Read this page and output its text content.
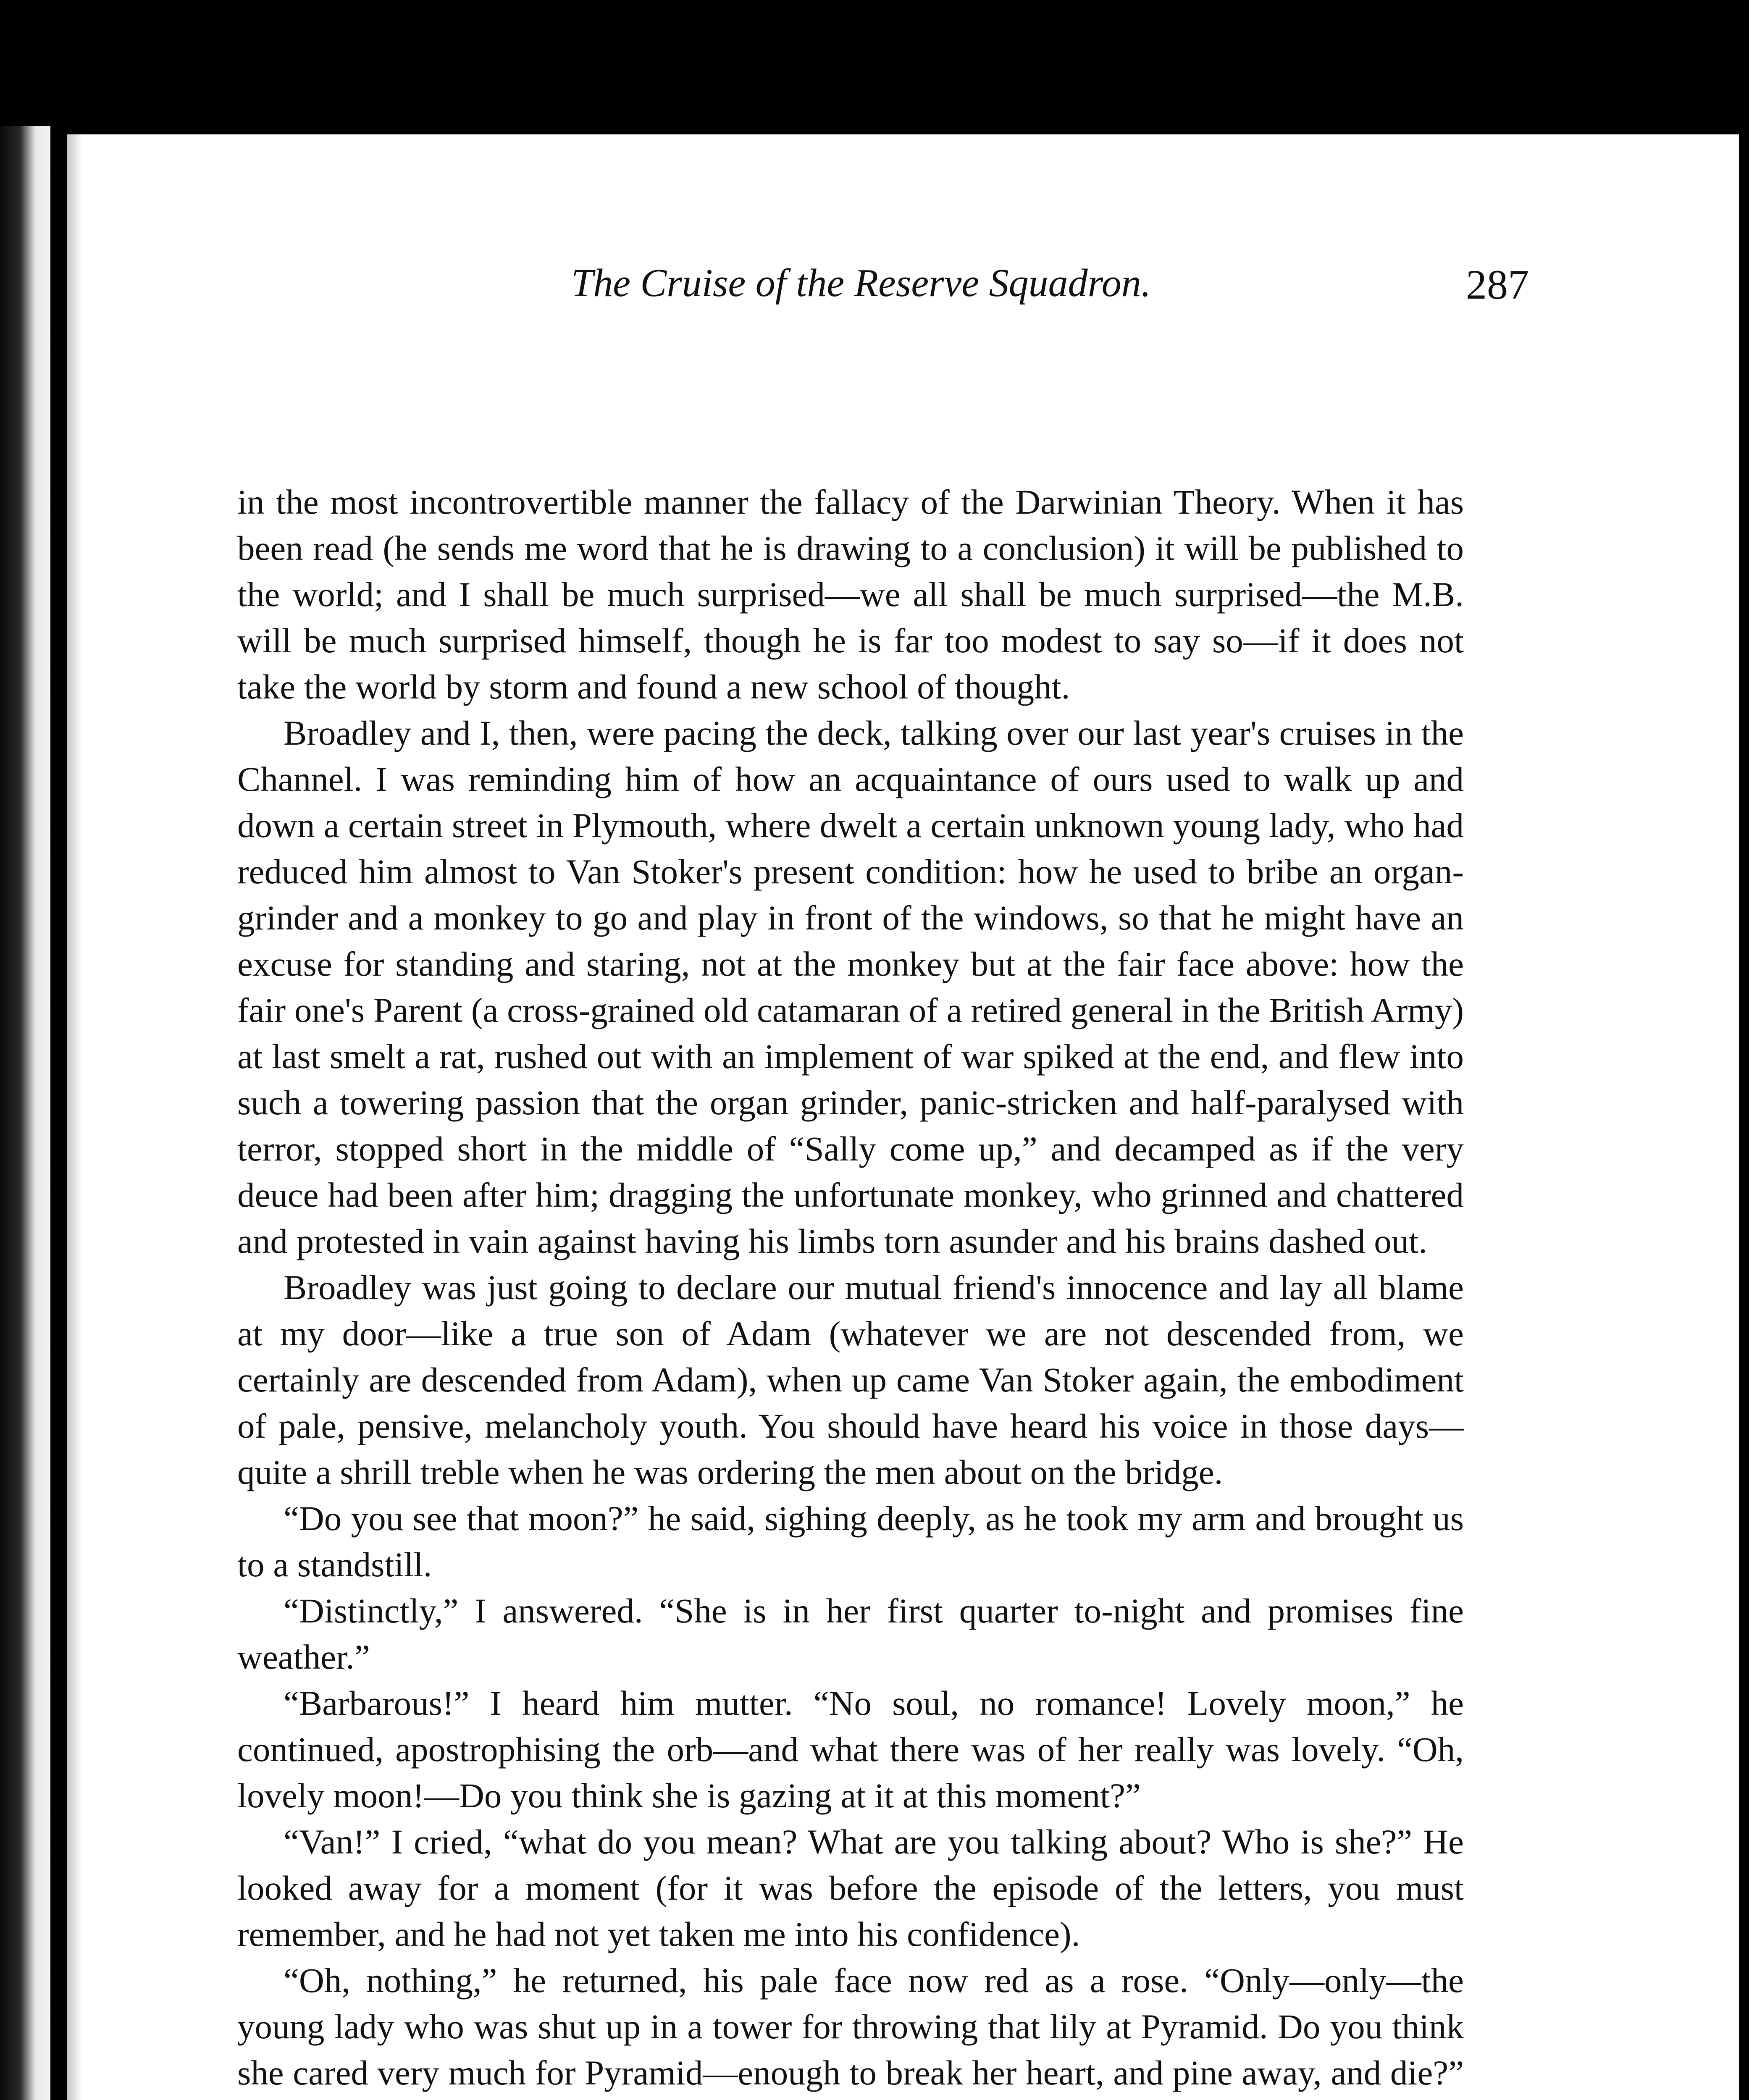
The Cruise of the Reserve Squadron.	287

in the most incontrovertible manner the fallacy of the Darwinian Theory. When it has been read (he sends me word that he is drawing to a conclusion) it will be published to the world; and I shall be much surprised—we all shall be much surprised—the M.B. will be much surprised himself, though he is far too modest to say so—if it does not take the world by storm and found a new school of thought.

Broadley and I, then, were pacing the deck, talking over our last year's cruises in the Channel. I was reminding him of how an acquaintance of ours used to walk up and down a certain street in Plymouth, where dwelt a certain unknown young lady, who had reduced him almost to Van Stoker's present condition: how he used to bribe an organ-grinder and a monkey to go and play in front of the windows, so that he might have an excuse for standing and staring, not at the monkey but at the fair face above: how the fair one's Parent (a cross-grained old catamaran of a retired general in the British Army) at last smelt a rat, rushed out with an implement of war spiked at the end, and flew into such a towering passion that the organ grinder, panic-stricken and half-paralysed with terror, stopped short in the middle of “Sally come up,” and decamped as if the very deuce had been after him; dragging the unfortunate monkey, who grinned and chattered and protested in vain against having his limbs torn asunder and his brains dashed out.

Broadley was just going to declare our mutual friend's innocence and lay all blame at my door—like a true son of Adam (whatever we are not descended from, we certainly are descended from Adam), when up came Van Stoker again, the embodiment of pale, pensive, melancholy youth. You should have heard his voice in those days—quite a shrill treble when he was ordering the men about on the bridge.

“Do you see that moon?” he said, sighing deeply, as he took my arm and brought us to a standstill.

“Distinctly,” I answered. “She is in her first quarter to-night and promises fine weather.”

“Barbarous!” I heard him mutter. “No soul, no romance! Lovely moon,” he continued, apostrophising the orb—and what there was of her really was lovely. “Oh, lovely moon!—Do you think she is gazing at it at this moment?”

“Van!” I cried, “what do you mean? What are you talking about? Who is she?” He looked away for a moment (for it was before the episode of the letters, you must remember, and he had not yet taken me into his confidence).

“Oh, nothing,” he returned, his pale face now red as a rose. “Only—only—the young lady who was shut up in a tower for throwing that lily at Pyramid. Do you think she cared very much for Pyramid—enough to break her heart, and pine away, and die?”
